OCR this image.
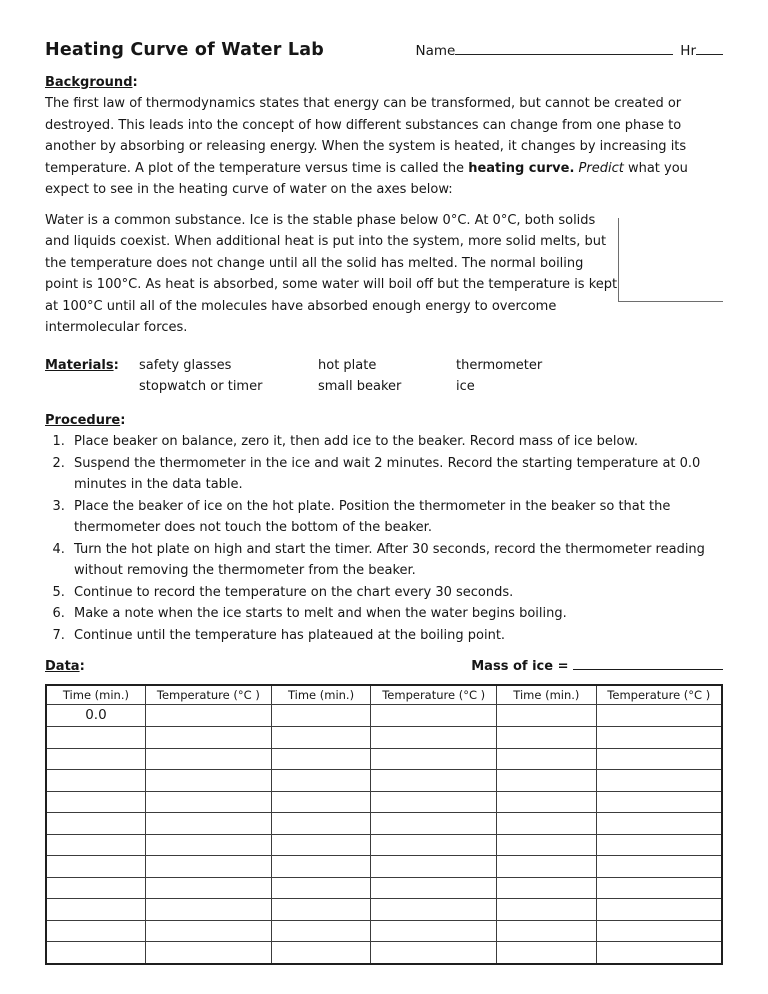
Heating Curve of Water Lab	Name	Hr
Background:

The first law of thermodynamics states that energy can be transformed, but cannot be created or destroyed. This leads into the concept of how different substances can change from one phase to another by absorbing or releasing energy. When the system is heated, it changes by increasing its temperature. A plot of the temperature versus time is called the heating curve. Predict what you expect to see in the heating curve of water on the axes below:

Water is a common substance. Ice is the stable phase below 0°C. At 0°C, both solids and liquids coexist. When additional heat is put into the system, more solid melts, but the temperature does not change until all the solid has melted. The normal boiling point is 100°C. As heat is absorbed, some water will boil off but the temperature is kept at 100°C until all of the molecules have absorbed enough energy to overcome intermolecular forces.

Materials:	safety glasses	hot plate	thermometer
stopwatch or timer	small beaker	ice
Procedure:
1. Place beaker on balance, zero it, then add ice to the beaker. Record mass of ice below.
2. Suspend the thermometer in the ice and wait 2 minutes. Record the starting temperature at 0.0 minutes in the data table.
3. Place the beaker of ice on the hot plate. Position the thermometer in the beaker so that the thermometer does not touch the bottom of the beaker.
4. Turn the hot plate on high and start the timer. After 30 seconds, record the thermometer reading without removing the thermometer from the beaker.
5. Continue to record the temperature on the chart every 30 seconds.
6. Make a note when the ice starts to melt and when the water begins boiling.
7. Continue until the temperature has plateaued at the boiling point.
Data:	Mass of ice =
Time (min.)	Temperature (°C )	Time (min.)	Temperature (°C )	Time (min.)	Temperature (°C )
0.0					
